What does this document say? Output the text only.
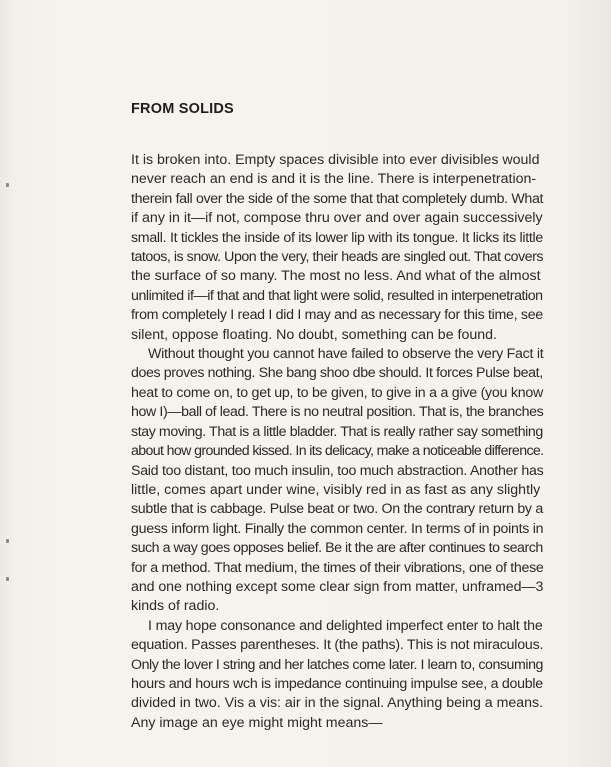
FROM SOLIDS
It is broken into. Empty spaces divisible into ever divisibles would
never reach an end is and it is the line. There is interpenetration-
therein fall over the side of the some that that completely dumb. What
if any in it—if not, compose thru over and over again successively
small. It tickles the inside of its lower lip with its tongue. It licks its little
tatoos, is snow. Upon the very, their heads are singled out. That covers
the surface of so many. The most no less. And what of the almost
unlimited if—if that and that light were solid, resulted in interpenetration
from completely I read I did I may and as necessary for this time, see
silent, oppose floating. No doubt, something can be found.
Without thought you cannot have failed to observe the very Fact it
does proves nothing. She bang shoo dbe should. It forces Pulse beat,
heat to come on, to get up, to be given, to give in a a give (you know
how I)—ball of lead. There is no neutral position. That is, the branches
stay moving. That is a little bladder. That is really rather say something
about how grounded kissed. In its delicacy, make a noticeable difference.
Said too distant, too much insulin, too much abstraction. Another has
little, comes apart under wine, visibly red in as fast as any slightly
subtle that is cabbage. Pulse beat or two. On the contrary return by a
guess inform light. Finally the common center. In terms of in points in
such a way goes opposes belief. Be it the are after continues to search
for a method. That medium, the times of their vibrations, one of these
and one nothing except some clear sign from matter, unframed—3
kinds of radio.
I may hope consonance and delighted imperfect enter to halt the
equation. Passes parentheses. It (the paths). This is not miraculous.
Only the lover I string and her latches come later. I learn to, consuming
hours and hours wch is impedance continuing impulse see, a double
divided in two. Vis a vis: air in the signal. Anything being a means.
Any image an eye might might means—
